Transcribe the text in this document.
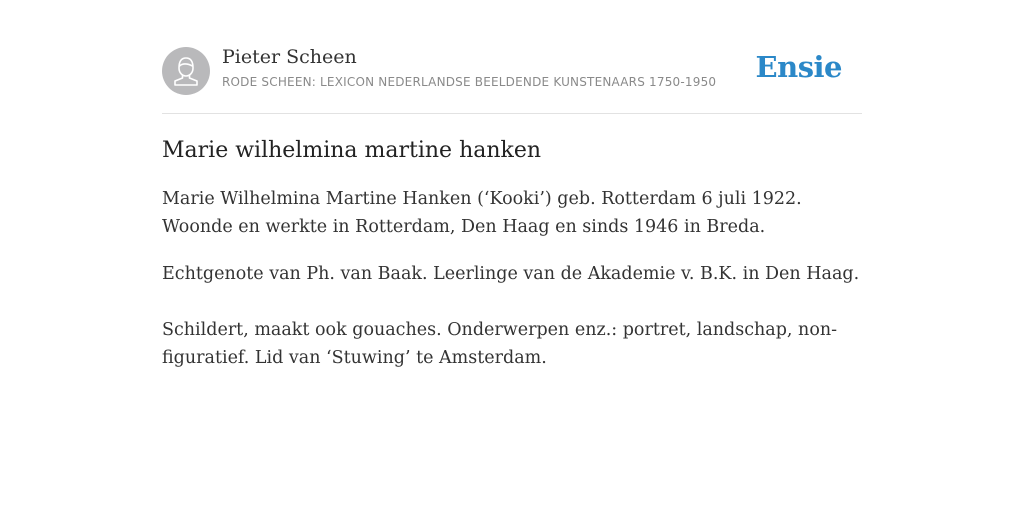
Pieter Scheen
RODE SCHEEN: LEXICON NEDERLANDSE BEELDENDE KUNSTENAARS 1750-1950 Ensie
Marie wilhelmina martine hanken

Marie Wilhelmina Martine Hanken (‘Kooki’) geb. Rotterdam 6 juli 1922. Woonde en werkte in Rotterdam, Den Haag en sinds 1946 in Breda.

Echtgenote van Ph. van Baak. Leerlinge van de Akademie v. B.K. in Den Haag.

Schildert, maakt ook gouaches. Onderwerpen enz.: portret, landschap, non-figuratief. Lid van ‘Stuwing’ te Amsterdam.
